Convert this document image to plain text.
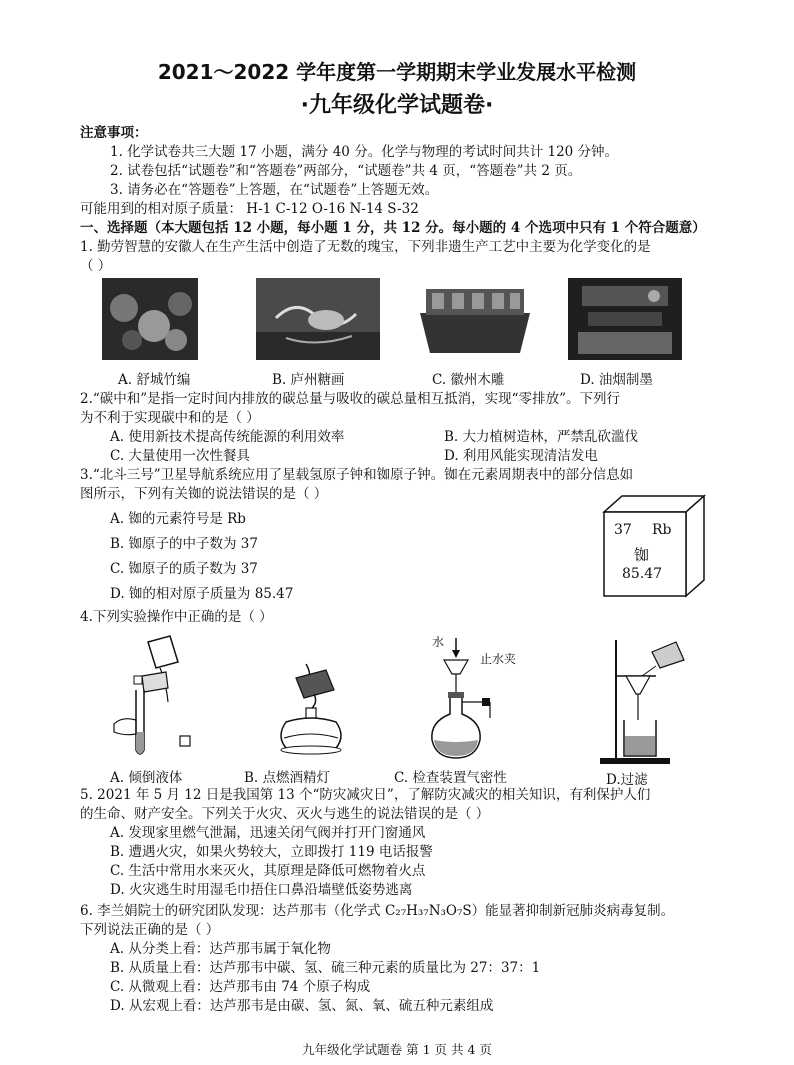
2021～2022 学年度第一学期期末学业发展水平检测
·九年级化学试题卷·
注意事项：
1. 化学试卷共三大题 17 小题，满分 40 分。化学与物理的考试时间共计 120 分钟。
2. 试卷包括“试题卷”和“答题卷”两部分，“试题卷”共 4 页，“答题卷”共 2 页。
3. 请务必在“答题卷”上答题，在“试题卷”上答题无效。
可能用到的相对原子质量： H-1 C-12 O-16 N-14 S-32
一、选择题（本大题包括 12 小题，每小题 1 分，共 12 分。每小题的 4 个选项中只有 1 个符合题意）
1. 勤劳智慧的安徽人在生产生活中创造了无数的瑰宝，下列非遗生产工艺中主要为化学变化的是
（ ）
A. 舒城竹编	B. 庐州糖画	C. 徽州木雕	D. 油烟制墨
2.“碳中和”是指一定时间内排放的碳总量与吸收的碳总量相互抵消，实现“零排放”。下列行
为不利于实现碳中和的是（ ）
A. 使用新技术提高传统能源的利用效率	B. 大力植树造林，严禁乱砍滥伐
C. 大量使用一次性餐具	D. 利用风能实现清洁发电
3.“北斗三号”卫星导航系统应用了星载氢原子钟和铷原子钟。铷在元素周期表中的部分信息如
图所示，下列有关铷的说法错误的是（ ）
A. 铷的元素符号是 Rb
B. 铷原子的中子数为 37
C. 铷原子的质子数为 37
D. 铷的相对原子质量为 85.47
37 Rb
铷
85.47
4.下列实验操作中正确的是（ ）
水
止水夹
A. 倾倒液体	B. 点燃酒精灯	C. 检查装置气密性	D.过滤
5. 2021 年 5 月 12 日是我国第 13 个“防灾减灾日”，了解防灾减灾的相关知识，有利保护人们
的生命、财产安全。下列关于火灾、灭火与逃生的说法错误的是（ ）
A. 发现家里燃气泄漏，迅速关闭气阀并打开门窗通风
B. 遭遇火灾，如果火势较大，立即拨打 119 电话报警
C. 生活中常用水来灭火，其原理是降低可燃物着火点
D. 火灾逃生时用湿毛巾捂住口鼻沿墙壁低姿势逃离
6. 李兰娟院士的研究团队发现：达芦那韦（化学式 C₂₇H₃₇N₃O₇S）能显著抑制新冠肺炎病毒复制。
下列说法正确的是（ ）
A. 从分类上看：达芦那韦属于氧化物
B. 从质量上看：达芦那韦中碳、氢、硫三种元素的质量比为 27：37：1
C. 从微观上看：达芦那韦由 74 个原子构成
D. 从宏观上看：达芦那韦是由碳、氢、氮、氧、硫五种元素组成
九年级化学试题卷 第 1 页 共 4 页
